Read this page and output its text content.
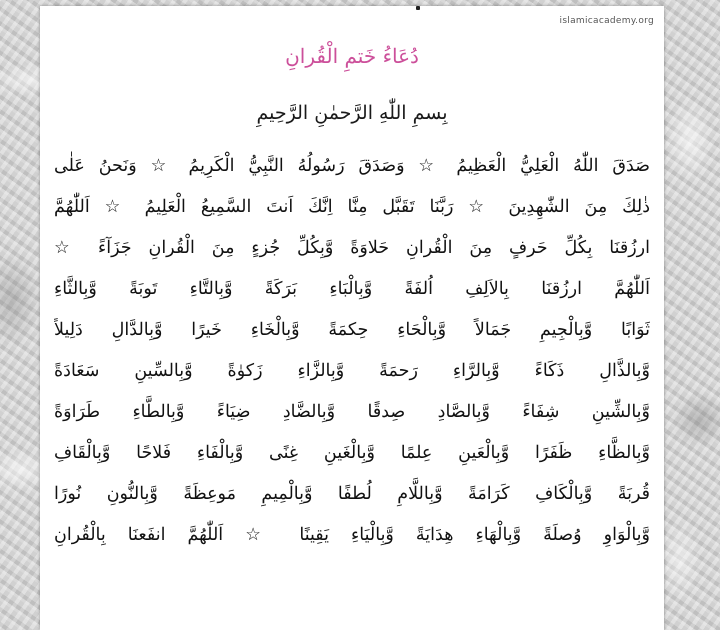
islamicacademy.org
دُعَاءُ خَتمِ الْقُرانِ
بِسمِ اللّٰهِ الرَّحمٰنِ الرَّحِيمِ
صَدَقَ اللّٰهُ الْعَلِيُّ الْعَظِيمُ ☆ وَصَدَقَ رَسُولُهُ النَّبِيُّ الْكَرِيمُ ☆ وَنَحنُ عَلٰى
ذٰلِكَ مِنَ الشّٰهِدِينَ ☆ رَبَّنَا تَقَبَّل مِنَّا اِنَّكَ اَنتَ السَّمِيعُ الْعَلِيمُ ☆ اَللّٰهُمَّ
ارزُقنَا بِكُلِّ حَرفٍ مِنَ الْقُرانِ حَلاوَةً وَّبِكُلِّ جُزءٍ مِنَ الْقُرانِ جَزَآءً ☆
اَللّٰهُمَّ ارزُقنَا بِالاَلِفِ اُلفَةً وَّبِالْبَاءِ بَرَكَةً وَّبِالتَّاءِ تَوبَةً وَّبِالثَّاءِ
ثَوَابًا وَّبِالْجِيمِ جَمَالاً وَّبِالْحَاءِ حِكمَةً وَّبِالْخَاءِ خَيرًا وَّبِالدَّالِ دَلِيلاً
وَّبِالذَّالِ ذَكَاءً وَّبِالرَّاءِ رَحمَةً وَّبِالزَّاءِ زَكوٰةً وَّبِالسِّينِ سَعَادَةً
وَّبِالشِّينِ شِفَاءً وَّبِالصَّادِ صِدقًا وَّبِالضَّادِ ضِيَاءً وَّبِالطَّاءِ طَرَاوَةً
وَّبِالظَّاءِ ظَفَرًا وَّبِالْعَينِ عِلمًا وَّبِالْغَينِ غِنًى وَّبِالْفَاءِ فَلاحًا وَّبِالْقَافِ
قُربَةً وَّبِالْكَافِ كَرَامَةً وَّبِاللَّامِ لُطفًا وَّبِالْمِيمِ مَوعِظَةً وَّبِالنُّونِ نُورًا
وَّبِالْوَاوِ وُصلَةً وَّبِالْهَاءِ هِدَايَةً وَّبِالْيَاءِ يَقِينًا ☆ اَللّٰهُمَّ انفَعنَا بِالْقُرانِ
